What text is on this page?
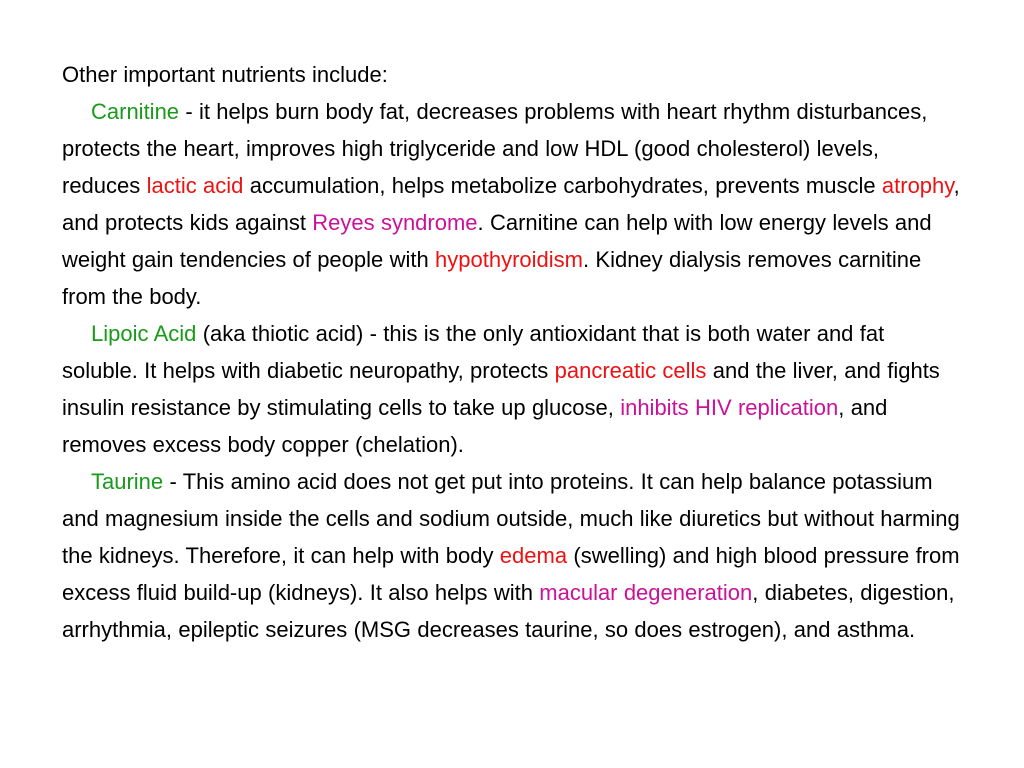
Other important nutrients include:

Carnitine - it helps burn body fat, decreases problems with heart rhythm disturbances, protects the heart, improves high triglyceride and low HDL (good cholesterol) levels, reduces lactic acid accumulation, helps metabolize carbohydrates, prevents muscle atrophy, and protects kids against Reyes syndrome. Carnitine can help with low energy levels and weight gain tendencies of people with hypothyroidism. Kidney dialysis removes carnitine from the body.

Lipoic Acid (aka thiotic acid) - this is the only antioxidant that is both water and fat soluble. It helps with diabetic neuropathy, protects pancreatic cells and the liver, and fights insulin resistance by stimulating cells to take up glucose, inhibits HIV replication, and removes excess body copper (chelation).

Taurine - This amino acid does not get put into proteins. It can help balance potassium and magnesium inside the cells and sodium outside, much like diuretics but without harming the kidneys. Therefore, it can help with body edema (swelling) and high blood pressure from excess fluid build-up (kidneys). It also helps with macular degeneration, diabetes, digestion, arrhythmia, epileptic seizures (MSG decreases taurine, so does estrogen), and asthma.
